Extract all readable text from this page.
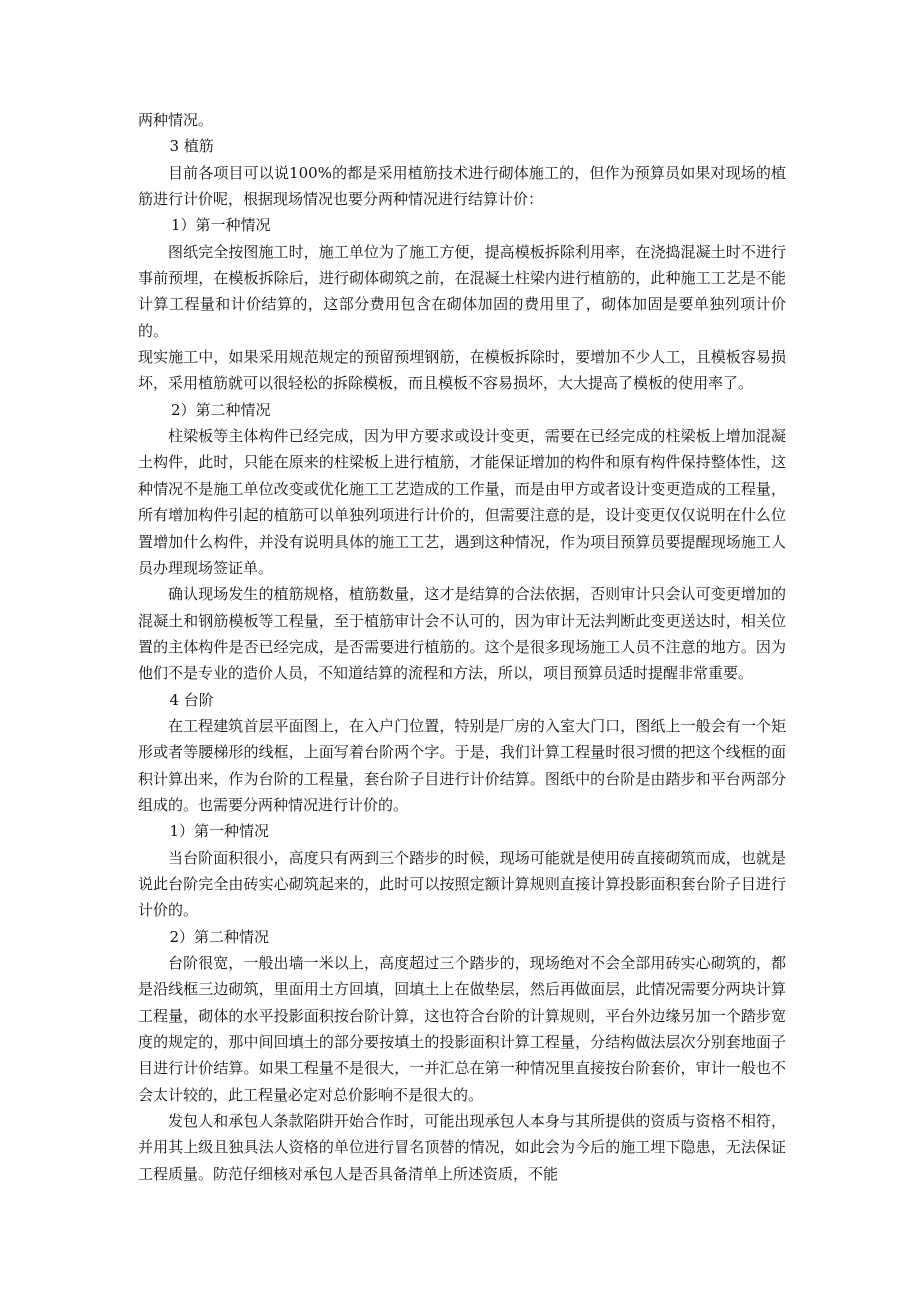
两种情况。

3 植筋

目前各项目可以说100%的都是采用植筋技术进行砌体施工的，但作为预算员如果对现场的植筋进行计价呢，根据现场情况也要分两种情况进行结算计价：

1）第一种情况

图纸完全按图施工时，施工单位为了施工方便，提高模板拆除利用率，在浇捣混凝土时不进行事前预埋，在模板拆除后，进行砌体砌筑之前，在混凝土柱梁内进行植筋的，此种施工工艺是不能计算工程量和计价结算的，这部分费用包含在砌体加固的费用里了，砌体加固是要单独列项计价的。

现实施工中，如果采用规范规定的预留预埋钢筋，在模板拆除时，要增加不少人工，且模板容易损坏，采用植筋就可以很轻松的拆除模板，而且模板不容易损坏，大大提高了模板的使用率了。

2）第二种情况

柱梁板等主体构件已经完成，因为甲方要求或设计变更，需要在已经完成的柱梁板上增加混凝土构件，此时，只能在原来的柱梁板上进行植筋，才能保证增加的构件和原有构件保持整体性，这种情况不是施工单位改变或优化施工工艺造成的工作量，而是由甲方或者设计变更造成的工程量，所有增加构件引起的植筋可以单独列项进行计价的，但需要注意的是，设计变更仅仅说明在什么位置增加什么构件，并没有说明具体的施工工艺，遇到这种情况，作为项目预算员要提醒现场施工人员办理现场签证单。

确认现场发生的植筋规格，植筋数量，这才是结算的合法依据，否则审计只会认可变更增加的混凝土和钢筋模板等工程量，至于植筋审计会不认可的，因为审计无法判断此变更送达时，相关位置的主体构件是否已经完成，是否需要进行植筋的。这个是很多现场施工人员不注意的地方。因为他们不是专业的造价人员，不知道结算的流程和方法，所以，项目预算员适时提醒非常重要。

4 台阶

在工程建筑首层平面图上，在入户门位置，特别是厂房的入室大门口，图纸上一般会有一个矩形或者等腰梯形的线框，上面写着台阶两个字。于是，我们计算工程量时很习惯的把这个线框的面积计算出来，作为台阶的工程量，套台阶子目进行计价结算。图纸中的台阶是由踏步和平台两部分组成的。也需要分两种情况进行计价的。

1）第一种情况

当台阶面积很小，高度只有两到三个踏步的时候，现场可能就是使用砖直接砌筑而成，也就是说此台阶完全由砖实心砌筑起来的，此时可以按照定额计算规则直接计算投影面积套台阶子目进行计价的。

2）第二种情况

台阶很宽，一般出墙一米以上，高度超过三个踏步的，现场绝对不会全部用砖实心砌筑的，都是沿线框三边砌筑，里面用土方回填，回填土上在做垫层，然后再做面层，此情况需要分两块计算工程量，砌体的水平投影面积按台阶计算，这也符合台阶的计算规则，平台外边缘另加一个踏步宽度的规定的，那中间回填土的部分要按填土的投影面积计算工程量，分结构做法层次分别套地面子目进行计价结算。如果工程量不是很大，一并汇总在第一种情况里直接按台阶套价，审计一般也不会太计较的，此工程量必定对总价影响不是很大的。

发包人和承包人条款陷阱开始合作时，可能出现承包人本身与其所提供的资质与资格不相符，并用其上级且独具法人资格的单位进行冒名顶替的情况，如此会为今后的施工埋下隐患，无法保证工程质量。防范仔细核对承包人是否具备清单上所述资质，不能
